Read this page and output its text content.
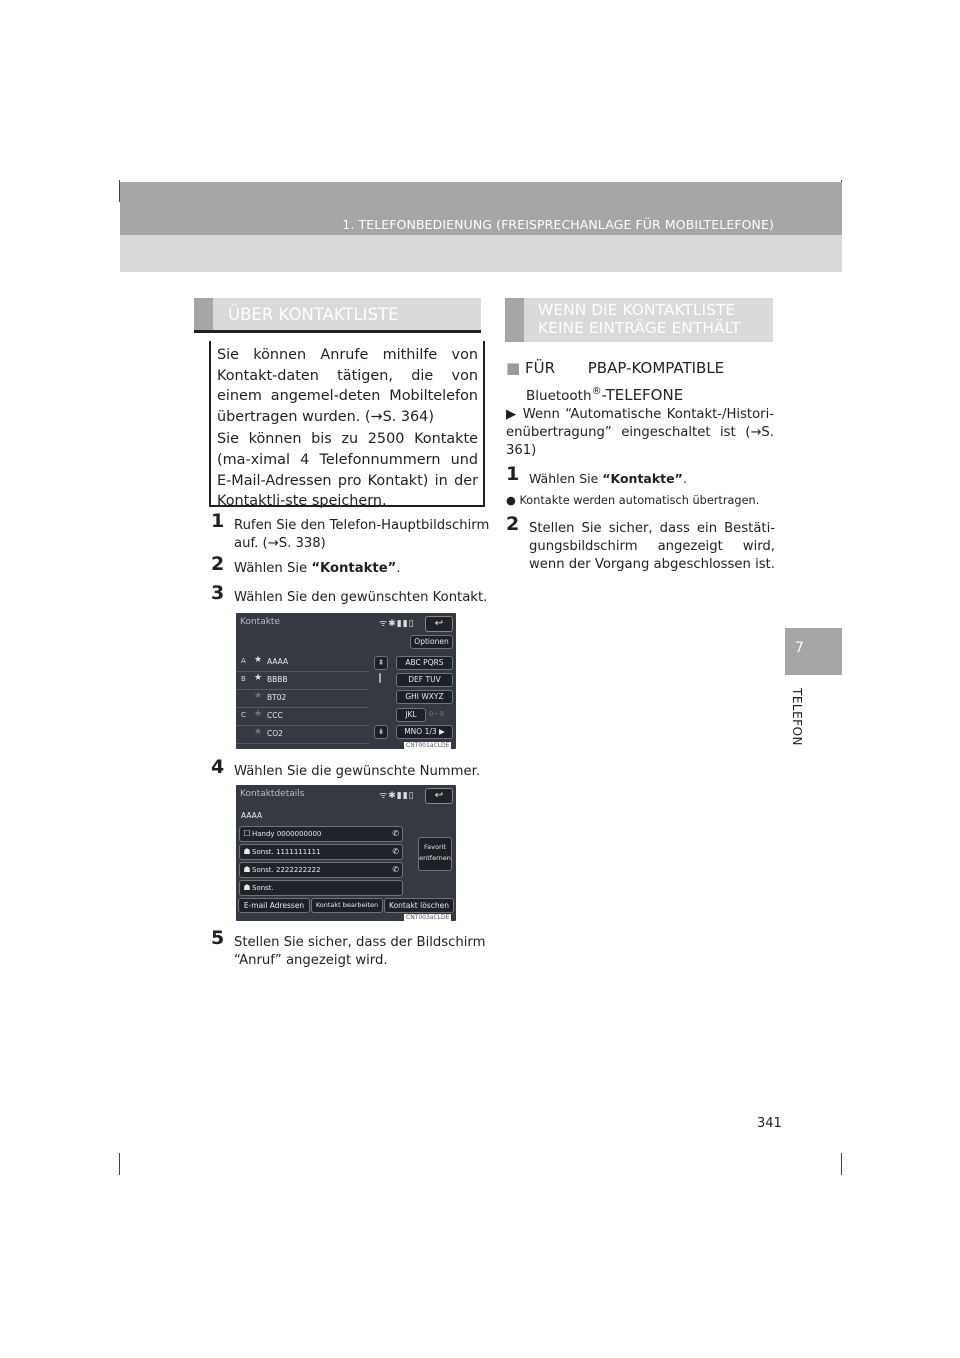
1. TELEFONBEDIENUNG (FREISPRECHANLAGE FÜR MOBILTELEFONE)
7
TELEFON
ÜBER KONTAKTLISTE

Sie können Anrufe mithilfe von Kontakt-daten tätigen, die von einem angemel-deten Mobiltelefon übertragen wurden. (→S. 364)

Sie können bis zu 2500 Kontakte (ma-ximal 4 Telefonnummern und E-Mail-Adressen pro Kontakt) in der Kontaktli-ste speichern.

1 Rufen Sie den Telefon-Hauptbildschirm auf. (→S. 338)
2 Wählen Sie “Kontakte”.
3 Wählen Sie den gewünschten Kontakt.
Kontakte	ᯤ✱▮▮▯	↩
Optionen
A ★ AAAA
B ★ BBBB
★ BT02
C ★ CCC
★ CO2
⇞
⇟
ABC PQRS
DEF TUV
GHI WXYZ
JKL	0~9
MNO 1/3 ▶
CNT001aCLDE
4 Wählen Sie die gewünschte Nummer.
Kontaktdetails	ᯤ✱▮▮▯	↩
AAAA
☐Handy 0000000000	✆
☗Sonst. 1111111111	✆
☗Sonst. 2222222222	✆
☗Sonst.
Favorit entfernen
E-mail Adressen	Kontakt bearbeiten	Kontakt löschen
CNT003aCLDE
5 Stellen Sie sicher, dass der Bildschirm “Anruf” angezeigt wird.
WENN DIE KONTAKTLISTE
KEINE EINTRÄGE ENTHÄLT
■ FÜR PBAP-KOMPATIBLE
Bluetooth®-TELEFONE
▶ Wenn “Automatische Kontakt-/Histori-enübertragung” eingeschaltet ist (→S. 361)
1 Wählen Sie “Kontakte”.
● Kontakte werden automatisch übertragen.
2 Stellen Sie sicher, dass ein Bestäti-gungsbildschirm angezeigt wird, wenn der Vorgang abgeschlossen ist.
341
